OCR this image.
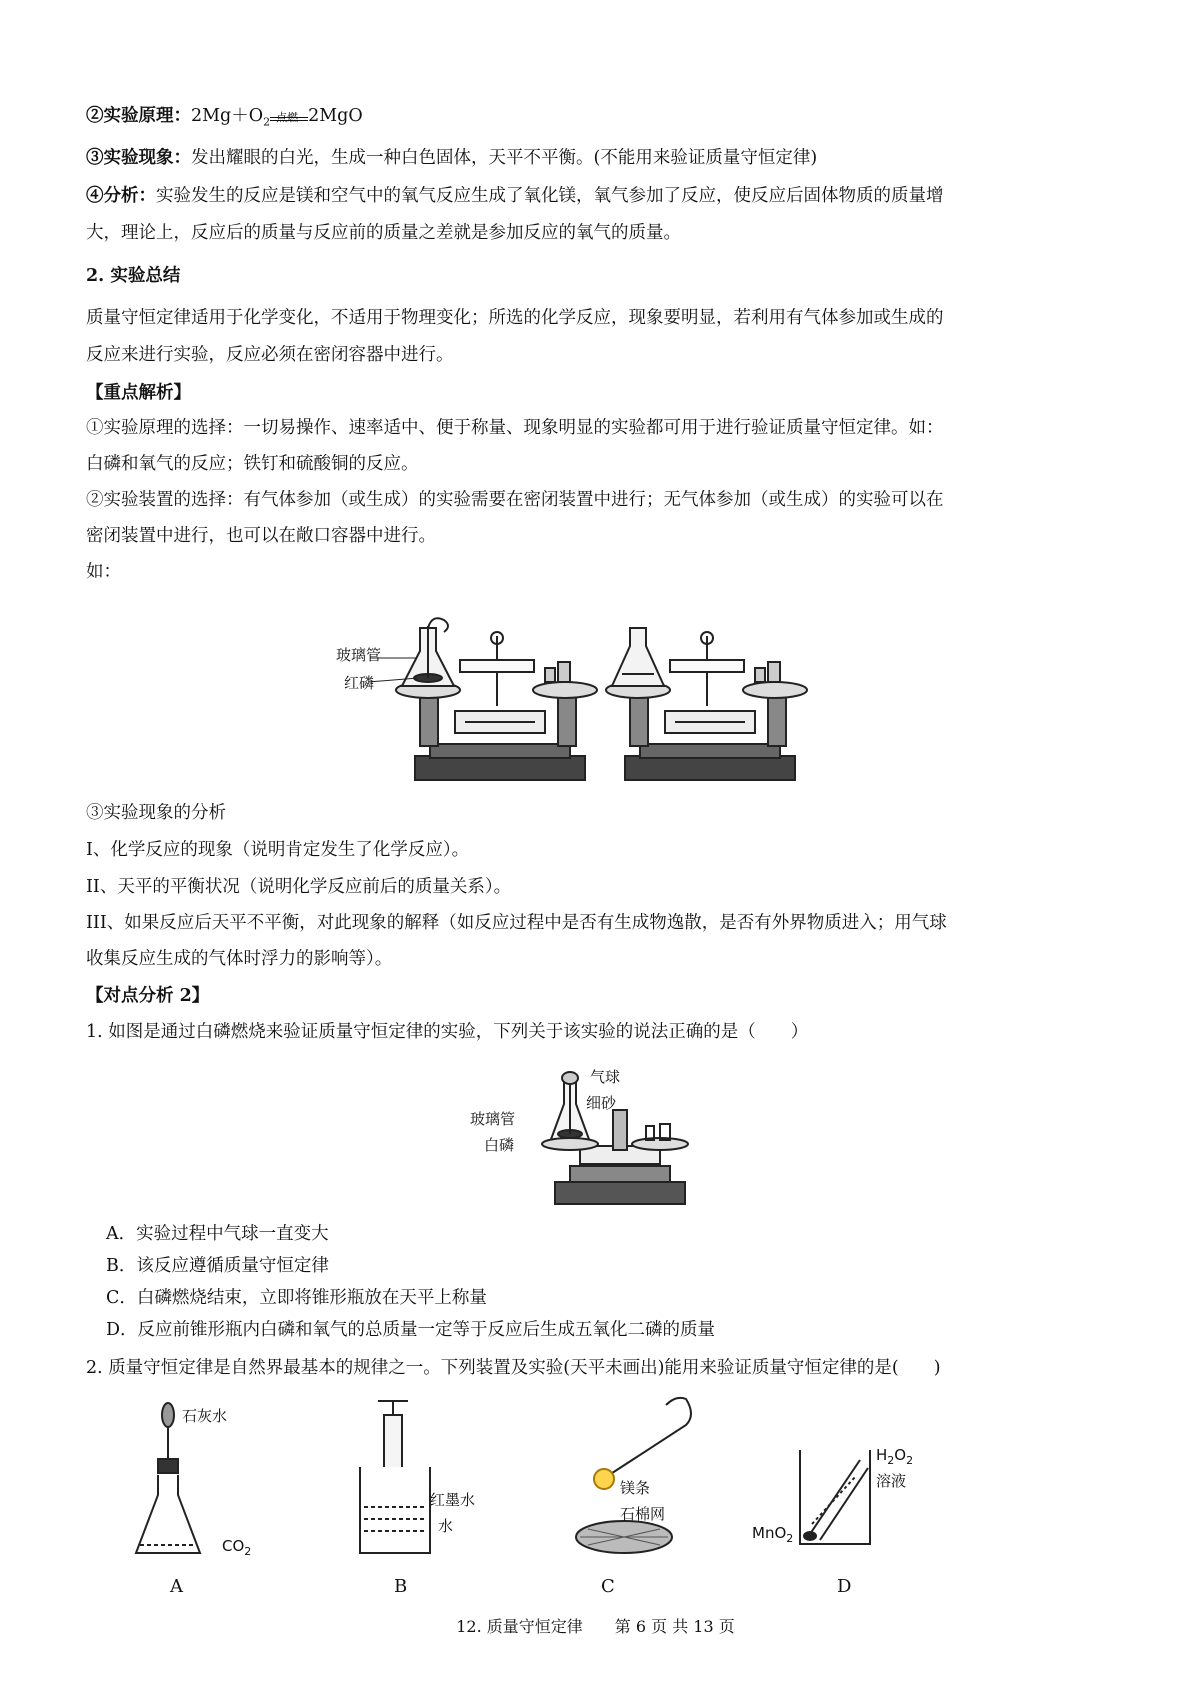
②实验原理：$2Mg+O_2$ 点燃 2MgO
③实验现象：发出耀眼的白光，生成一种白色固体，天平不平衡。(不能用来验证质量守恒定律)
④分析：实验发生的反应是镁和空气中的氧气反应生成了氧化镁，氧气参加了反应，使反应后固体物质的质量增
大，理论上，反应后的质量与反应前的质量之差就是参加反应的氧气的质量。
2. 实验总结
质量守恒定律适用于化学变化，不适用于物理变化；所选的化学反应，现象要明显，若利用有气体参加或生成的
反应来进行实验，反应必须在密闭容器中进行。
【重点解析】
①实验原理的选择：一切易操作、速率适中、便于称量、现象明显的实验都可用于进行验证质量守恒定律。如：
白磷和氧气的反应；铁钉和硫酸铜的反应。
②实验装置的选择：有气体参加（或生成）的实验需要在密闭装置中进行；无气体参加（或生成）的实验可以在
密闭装置中进行，也可以在敞口容器中进行。
如：
玻璃管
红磷
③实验现象的分析
I、化学反应的现象（说明肯定发生了化学反应）。
II、天平的平衡状况（说明化学反应前后的质量关系）。
III、如果反应后天平不平衡，对此现象的解释（如反应过程中是否有生成物逸散，是否有外界物质进入；用气球
收集反应生成的气体时浮力的影响等）。
【对点分析 2】
1. 如图是通过白磷燃烧来验证质量守恒定律的实验，下列关于该实验的说法正确的是（　　）
A．实验过程中气球一直变大
B．该反应遵循质量守恒定律
C．白磷燃烧结束，立即将锥形瓶放在天平上称量
D．反应前锥形瓶内白磷和氧气的总质量一定等于反应后生成五氧化二磷的质量
2. 质量守恒定律是自然界最基本的规律之一。下列装置及实验(天平未画出)能用来验证质量守恒定律的是(　　)
气球
细砂
玻璃管
白磷
石灰水
$CO_2$
红墨水
水
镁条
石棉网
$H_2O_2$
溶液
MnO$_2$
A	B	C	D
12. 质量守恒定律　　第 6 页 共 13 页
